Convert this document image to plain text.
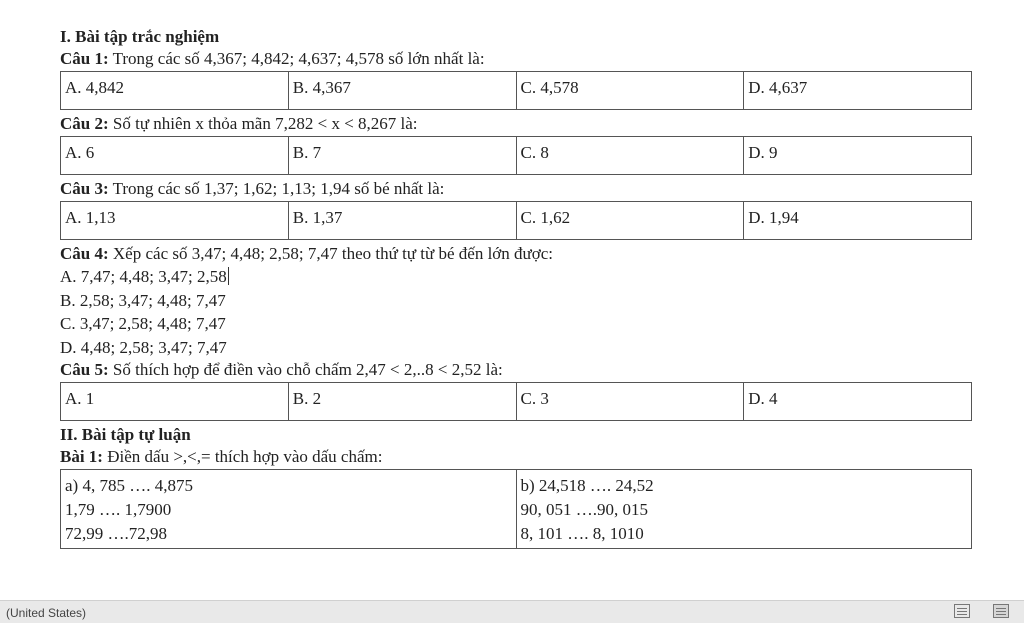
I. Bài tập trắc nghiệm
Câu 1: Trong các số 4,367; 4,842; 4,637; 4,578 số lớn nhất là:
A. 4,842	B. 4,367	C. 4,578	D. 4,637
Câu 2: Số tự nhiên x thỏa mãn 7,282 < x < 8,267 là:
A. 6	B. 7	C. 8	D. 9
Câu 3: Trong các số 1,37; 1,62; 1,13; 1,94 số bé nhất là:
A. 1,13	B. 1,37	C. 1,62	D. 1,94
Câu 4: Xếp các số 3,47; 4,48; 2,58; 7,47 theo thứ tự từ bé đến lớn được:
A. 7,47; 4,48; 3,47; 2,58
B. 2,58; 3,47; 4,48; 7,47
C. 3,47; 2,58; 4,48; 7,47
D. 4,48; 2,58; 3,47; 7,47
Câu 5: Số thích hợp để điền vào chỗ chấm 2,47 < 2,..8 < 2,52 là:
A. 1	B. 2	C. 3	D. 4
II. Bài tập tự luận
Bài 1: Điền dấu >,<,= thích hợp vào dấu chấm:
a) 4, 785 …. 4,875
1,79 …. 1,7900
72,99 ….72,98

b) 24,518 …. 24,52
90, 051 ….90, 015
8, 101 …. 8, 1010
(United States)
